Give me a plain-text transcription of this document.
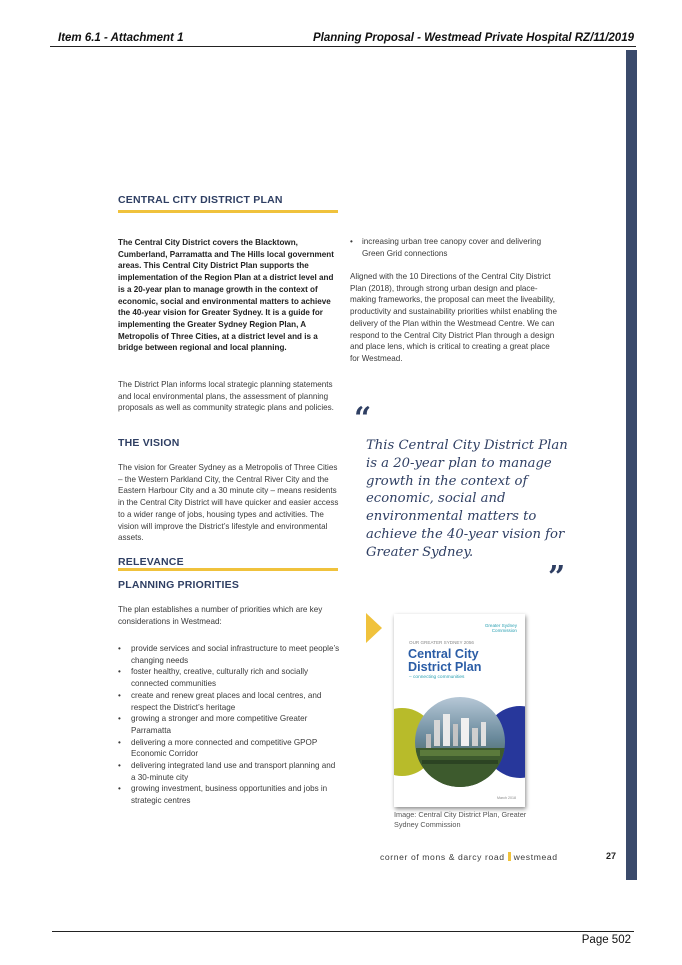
Item 6.1 - Attachment 1	Planning Proposal - Westmead Private Hospital RZ/11/2019
CENTRAL CITY DISTRICT PLAN
The Central City District covers the Blacktown, Cumberland, Parramatta and The Hills local government areas. This Central City District Plan supports the implementation of the Region Plan at a district level and is a 20-year plan to manage growth in the context of economic, social and environmental matters to achieve the 40-year vision for Greater Sydney. It is a guide for implementing the Greater Sydney Region Plan, A Metropolis of Three Cities, at a district level and is a bridge between regional and local planning.
The District Plan informs local strategic planning statements and local environmental plans, the assessment of planning proposals as well as community strategic plans and policies.
THE VISION
The vision for Greater Sydney as a Metropolis of Three Cities – the Western Parkland City, the Central River City and the Eastern Harbour City and a 30 minute city – means residents in the Central City District will have quicker and easier access to a wider range of jobs, housing types and activities. The vision will improve the District’s lifestyle and environmental assets.
RELEVANCE
PLANNING PRIORITIES
The plan establishes a number of priorities which are key considerations in Westmead:
• provide services and social infrastructure to meet people’s changing needs
• foster healthy, creative, culturally rich and socially connected communities
• create and renew great places and local centres, and respect the District’s heritage
• growing a stronger and more competitive Greater Parramatta
• delivering a more connected and competitive GPOP Economic Corridor
• delivering integrated land use and transport planning and a 30-minute city
• growing investment, business opportunities and jobs in strategic centres
• increasing urban tree canopy cover and delivering Green Grid connections
Aligned with the 10 Directions of the Central City District Plan (2018), through strong urban design and place-making frameworks, the proposal can meet the liveability, productivity and sustainability priorities whilst enabling the delivery of the Plan within the Westmead Centre. We can respond to the Central City District Plan through a design and place lens, which is critical to creating a great place for Westmead.
“
This Central City District Plan is a 20-year plan to manage growth in the context of economic, social and environmental matters to achieve the 40-year vision for Greater Sydney.
”
Greater Sydney Commission
OUR GREATER SYDNEY 2056
Central City District Plan
– connecting communities
March 2018
Image: Central City District Plan, Greater Sydney Commission
corner of mons & darcy road westmead	27
Page 502
